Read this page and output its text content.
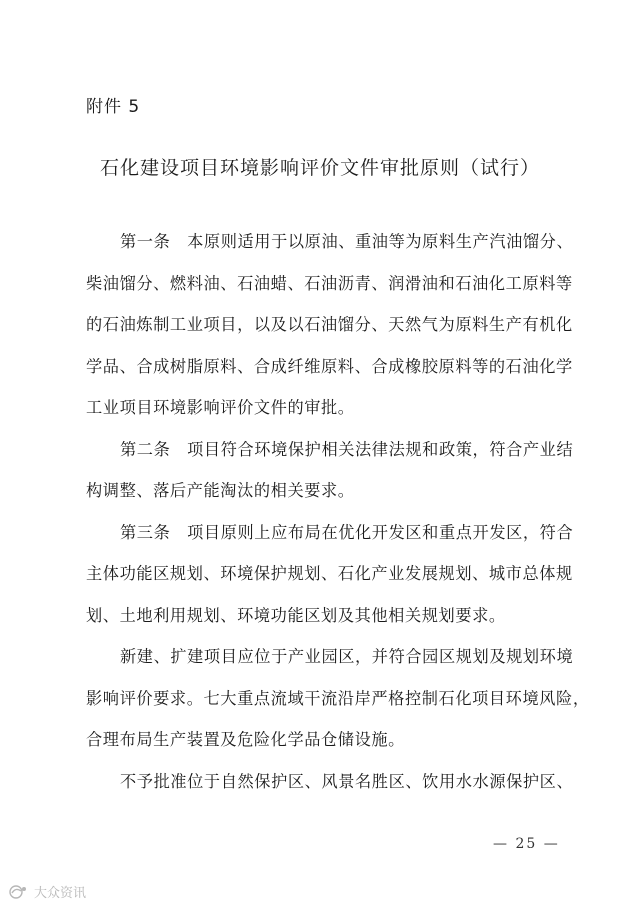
附件 5
石化建设项目环境影响评价文件审批原则（试行）
第一条　本原则适用于以原油、重油等为原料生产汽油馏分、
柴油馏分、燃料油、石油蜡、石油沥青、润滑油和石油化工原料等
的石油炼制工业项目，以及以石油馏分、天然气为原料生产有机化
学品、合成树脂原料、合成纤维原料、合成橡胶原料等的石油化学
工业项目环境影响评价文件的审批。
第二条　项目符合环境保护相关法律法规和政策，符合产业结
构调整、落后产能淘汰的相关要求。
第三条　项目原则上应布局在优化开发区和重点开发区，符合
主体功能区规划、环境保护规划、石化产业发展规划、城市总体规
划、土地利用规划、环境功能区划及其他相关规划要求。
新建、扩建项目应位于产业园区，并符合园区规划及规划环境
影响评价要求。七大重点流域干流沿岸严格控制石化项目环境风险，
合理布局生产装置及危险化学品仓储设施。
不予批准位于自然保护区、风景名胜区、饮用水水源保护区、
— 25 —
大众资讯
